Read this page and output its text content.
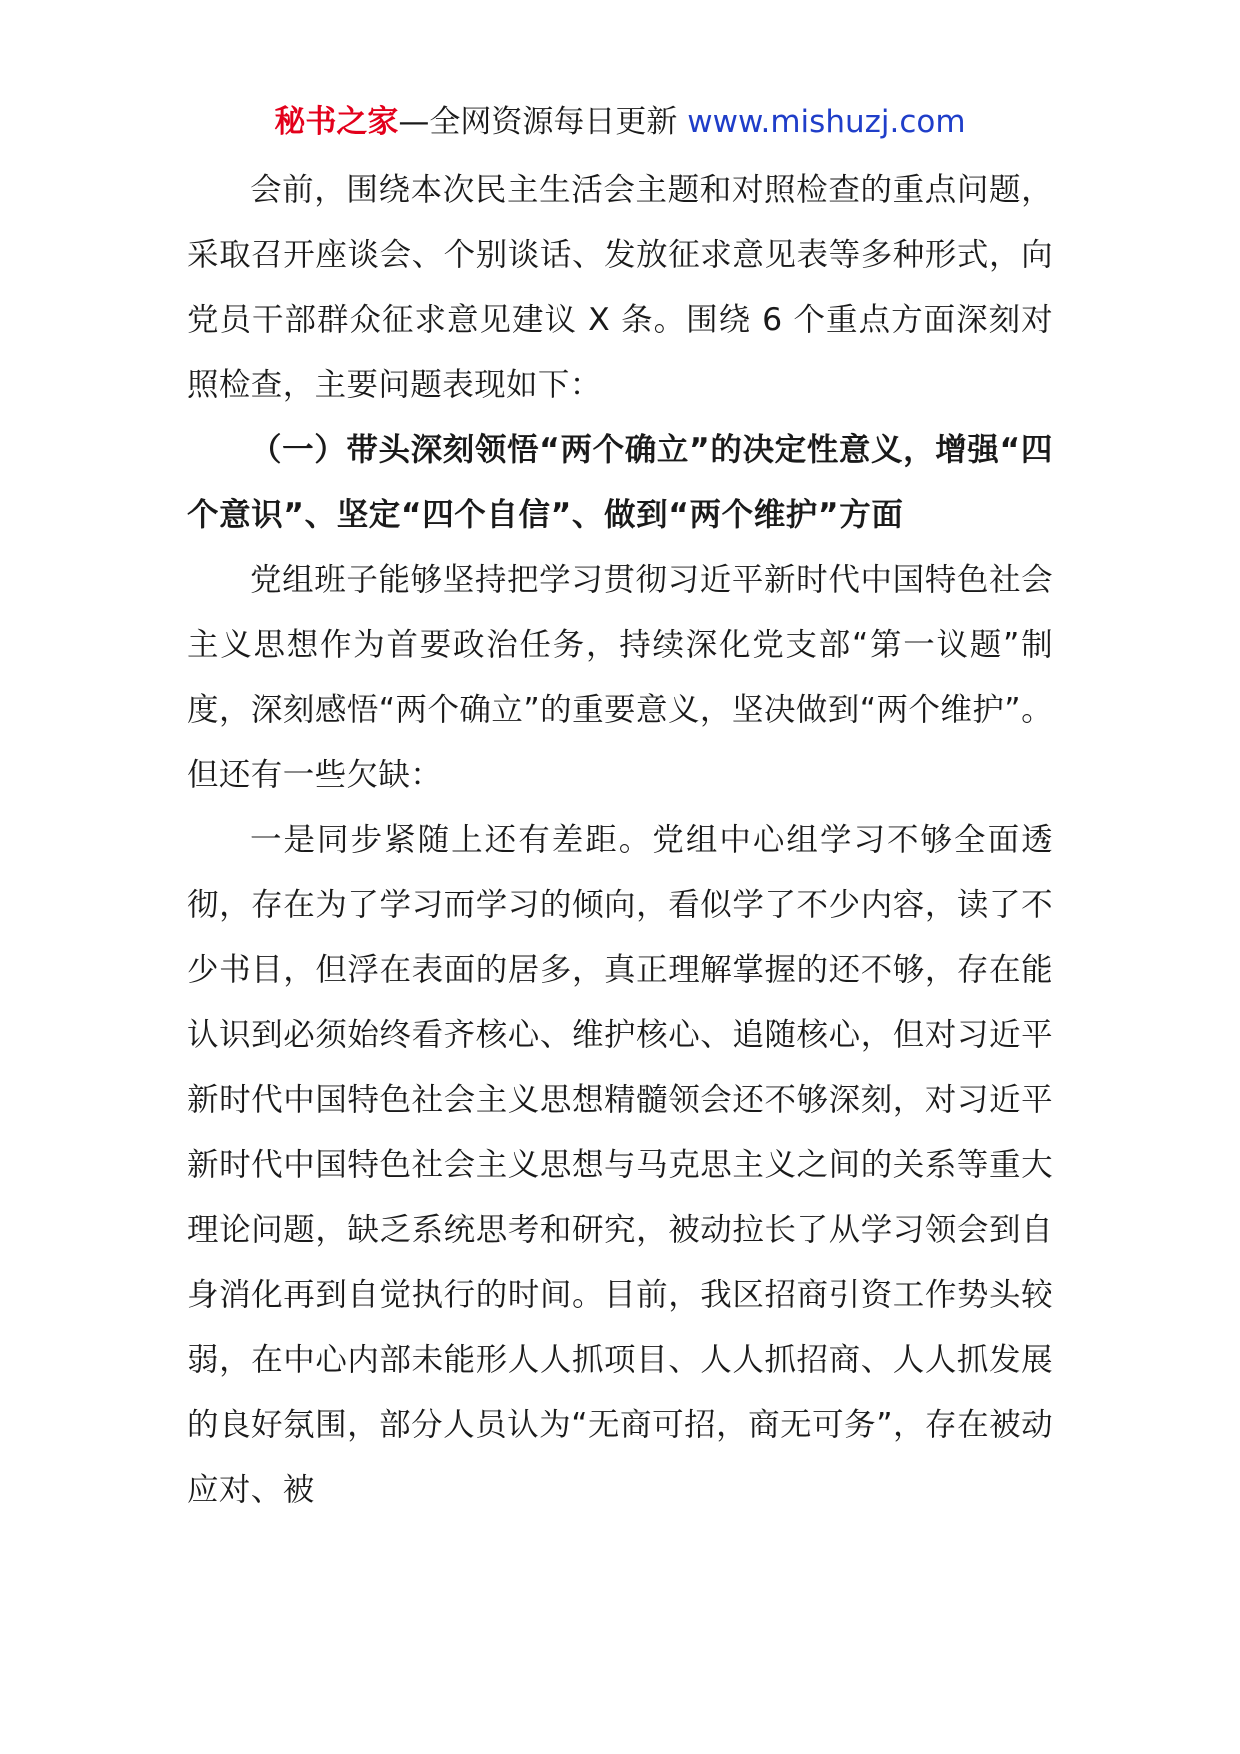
秘书之家—全网资源每日更新 www.mishuzj.com

会前，围绕本次民主生活会主题和对照检查的重点问题，采取召开座谈会、个别谈话、发放征求意见表等多种形式，向党员干部群众征求意见建议 X 条。围绕 6 个重点方面深刻对照检查，主要问题表现如下：

（一）带头深刻领悟“两个确立”的决定性意义，增强“四个意识”、坚定“四个自信”、做到“两个维护”方面

党组班子能够坚持把学习贯彻习近平新时代中国特色社会主义思想作为首要政治任务，持续深化党支部“第一议题”制度，深刻感悟“两个确立”的重要意义，坚决做到“两个维护”。但还有一些欠缺：

一是同步紧随上还有差距。党组中心组学习不够全面透彻，存在为了学习而学习的倾向，看似学了不少内容，读了不少书目，但浮在表面的居多，真正理解掌握的还不够，存在能认识到必须始终看齐核心、维护核心、追随核心，但对习近平新时代中国特色社会主义思想精髓领会还不够深刻，对习近平新时代中国特色社会主义思想与马克思主义之间的关系等重大理论问题，缺乏系统思考和研究，被动拉长了从学习领会到自身消化再到自觉执行的时间。目前，我区招商引资工作势头较弱，在中心内部未能形人人抓项目、人人抓招商、人人抓发展的良好氛围，部分人员认为“无商可招，商无可务”，存在被动应对、被
